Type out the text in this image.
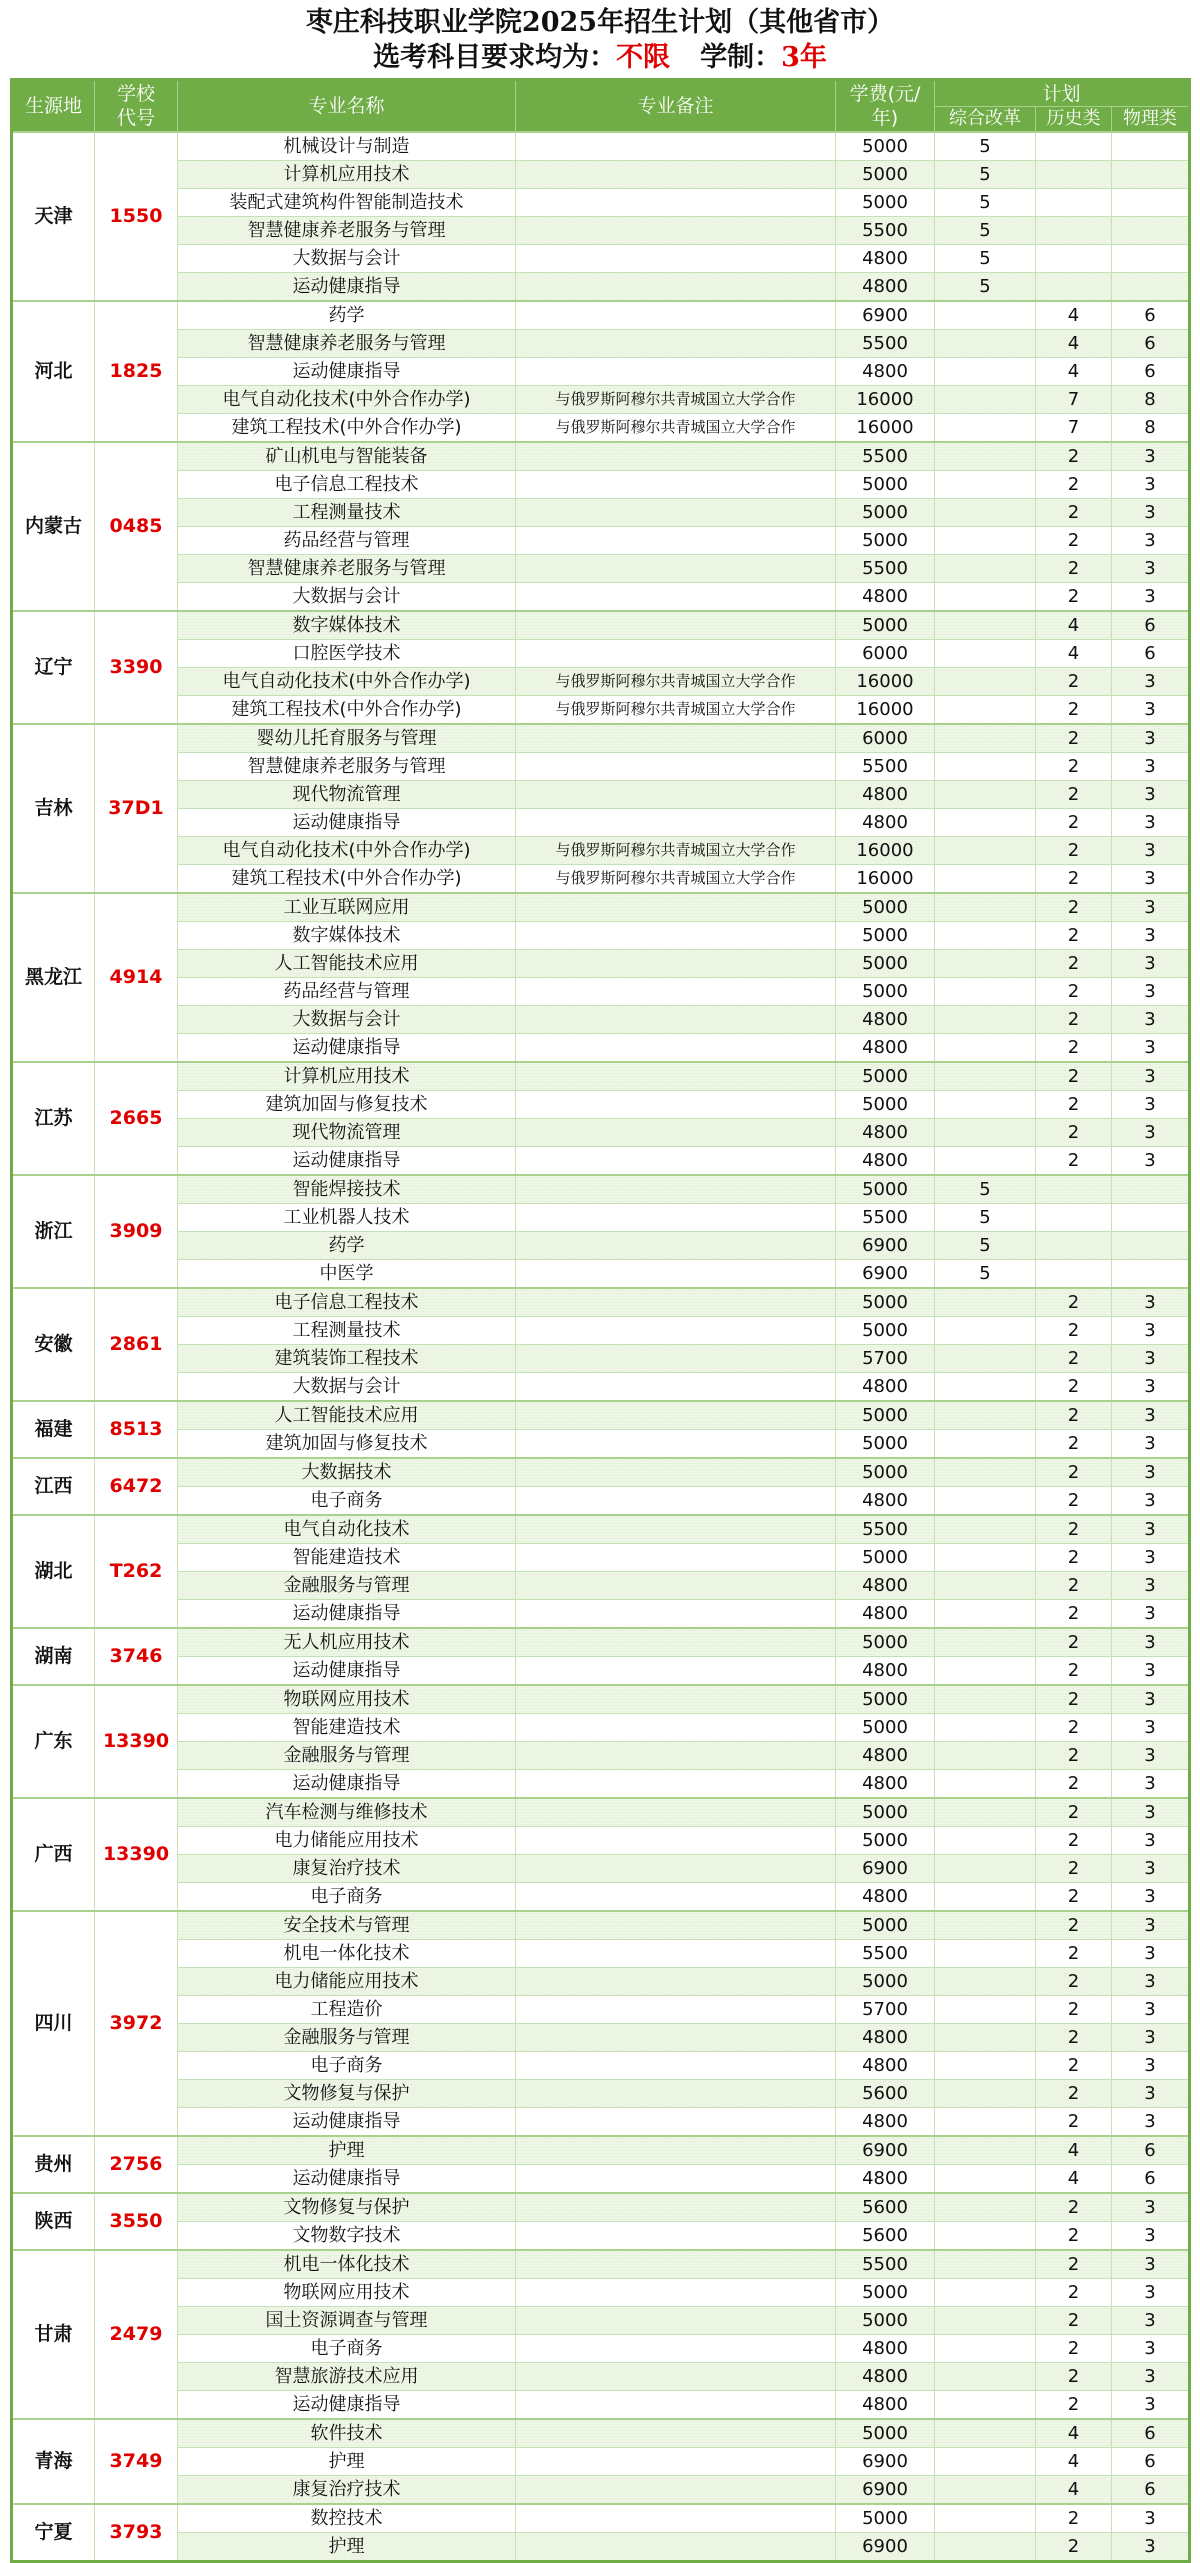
枣庄科技职业学院2025年招生计划（其他省市）
选考科目要求均为：不限 学制：3年
生源地	学校代号	专业名称	专业备注	学费(元/年)	计划		
					综合改革	历史类	物理类
天津	1550	机械设计与制造		5000	5		
		计算机应用技术		5000	5		
		装配式建筑构件智能制造技术		5000	5		
		智慧健康养老服务与管理		5500	5		
		大数据与会计		4800	5		
		运动健康指导		4800	5		
河北	1825	药学		6900		4	6
		智慧健康养老服务与管理		5500		4	6
		运动健康指导		4800		4	6
		电气自动化技术(中外合作办学)	与俄罗斯阿穆尔共青城国立大学合作	16000		7	8
		建筑工程技术(中外合作办学)	与俄罗斯阿穆尔共青城国立大学合作	16000		7	8
内蒙古	0485	矿山机电与智能装备		5500		2	3
		电子信息工程技术		5000		2	3
		工程测量技术		5000		2	3
		药品经营与管理		5000		2	3
		智慧健康养老服务与管理		5500		2	3
		大数据与会计		4800		2	3
辽宁	3390	数字媒体技术		5000		4	6
		口腔医学技术		6000		4	6
		电气自动化技术(中外合作办学)	与俄罗斯阿穆尔共青城国立大学合作	16000		2	3
		建筑工程技术(中外合作办学)	与俄罗斯阿穆尔共青城国立大学合作	16000		2	3
吉林	37D1	婴幼儿托育服务与管理		6000		2	3
		智慧健康养老服务与管理		5500		2	3
		现代物流管理		4800		2	3
		运动健康指导		4800		2	3
		电气自动化技术(中外合作办学)	与俄罗斯阿穆尔共青城国立大学合作	16000		2	3
		建筑工程技术(中外合作办学)	与俄罗斯阿穆尔共青城国立大学合作	16000		2	3
黑龙江	4914	工业互联网应用		5000		2	3
		数字媒体技术		5000		2	3
		人工智能技术应用		5000		2	3
		药品经营与管理		5000		2	3
		大数据与会计		4800		2	3
		运动健康指导		4800		2	3
江苏	2665	计算机应用技术		5000		2	3
		建筑加固与修复技术		5000		2	3
		现代物流管理		4800		2	3
		运动健康指导		4800		2	3
浙江	3909	智能焊接技术		5000	5		
		工业机器人技术		5500	5		
		药学		6900	5		
		中医学		6900	5		
安徽	2861	电子信息工程技术		5000		2	3
		工程测量技术		5000		2	3
		建筑装饰工程技术		5700		2	3
		大数据与会计		4800		2	3
福建	8513	人工智能技术应用		5000		2	3
		建筑加固与修复技术		5000		2	3
江西	6472	大数据技术		5000		2	3
		电子商务		4800		2	3
湖北	T262	电气自动化技术		5500		2	3
		智能建造技术		5000		2	3
		金融服务与管理		4800		2	3
		运动健康指导		4800		2	3
湖南	3746	无人机应用技术		5000		2	3
		运动健康指导		4800		2	3
广东	13390	物联网应用技术		5000		2	3
		智能建造技术		5000		2	3
		金融服务与管理		4800		2	3
		运动健康指导		4800		2	3
广西	13390	汽车检测与维修技术		5000		2	3
		电力储能应用技术		5000		2	3
		康复治疗技术		6900		2	3
		电子商务		4800		2	3
四川	3972	安全技术与管理		5000		2	3
		机电一体化技术		5500		2	3
		电力储能应用技术		5000		2	3
		工程造价		5700		2	3
		金融服务与管理		4800		2	3
		电子商务		4800		2	3
		文物修复与保护		5600		2	3
		运动健康指导		4800		2	3
贵州	2756	护理		6900		4	6
		运动健康指导		4800		4	6
陕西	3550	文物修复与保护		5600		2	3
		文物数字技术		5600		2	3
甘肃	2479	机电一体化技术		5500		2	3
		物联网应用技术		5000		2	3
		国土资源调查与管理		5000		2	3
		电子商务		4800		2	3
		智慧旅游技术应用		4800		2	3
		运动健康指导		4800		2	3
青海	3749	软件技术		5000		4	6
		护理		6900		4	6
		康复治疗技术		6900		4	6
宁夏	3793	数控技术		5000		2	3
		护理		6900		2	3
